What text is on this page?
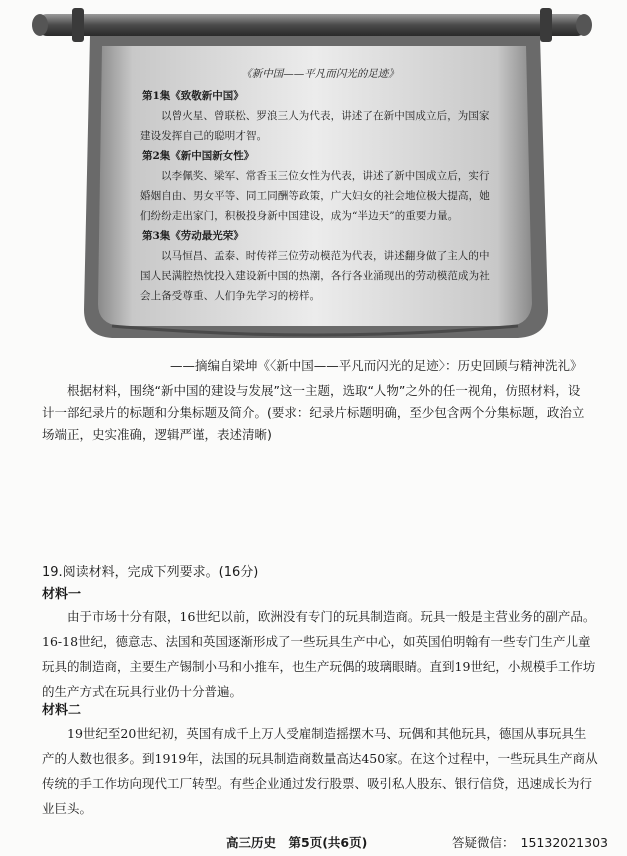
《新中国——平凡而闪光的足迹》
第1集《致敬新中国》
以曾火星、曾联松、罗浪三人为代表，讲述了在新中国成立后，为国家建设发挥自己的聪明才智。
第2集《新中国新女性》
以李佩奖、梁军、常香玉三位女性为代表，讲述了新中国成立后，实行婚姻自由、男女平等、同工同酬等政策，广大妇女的社会地位极大提高，她们纷纷走出家门，积极投身新中国建设，成为“半边天”的重要力量。
第3集《劳动最光荣》
以马恒昌、孟泰、时传祥三位劳动模范为代表，讲述翻身做了主人的中国人民满腔热忱投入建设新中国的热潮，各行各业涌现出的劳动模范成为社会上备受尊重、人们争先学习的榜样。
——摘编自梁坤《〈新中国——平凡而闪光的足迹〉：历史回顾与精神洗礼》
根据材料，围绕“新中国的建设与发展”这一主题，选取“人物”之外的任一视角，仿照材料，设计一部纪录片的标题和分集标题及简介。(要求：纪录片标题明确，至少包含两个分集标题，政治立场端正，史实准确，逻辑严谨，表述清晰)
19.阅读材料，完成下列要求。(16分)
材料一
由于市场十分有限，16世纪以前，欧洲没有专门的玩具制造商。玩具一般是主营业务的副产品。16-18世纪，德意志、法国和英国逐渐形成了一些玩具生产中心，如英国伯明翰有一些专门生产儿童玩具的制造商，主要生产锡制小马和小推车，也生产玩偶的玻璃眼睛。直到19世纪，小规模手工作坊的生产方式在玩具行业仍十分普遍。
材料二
19世纪至20世纪初，英国有成千上万人受雇制造摇摆木马、玩偶和其他玩具，德国从事玩具生产的人数也很多。到1919年，法国的玩具制造商数量高达450家。在这个过程中，一些玩具生产商从传统的手工作坊向现代工厂转型。有些企业通过发行股票、吸引私人股东、银行信贷，迅速成长为行业巨头。
高三历史　第5页(共6页)	答疑微信： 15132021303
